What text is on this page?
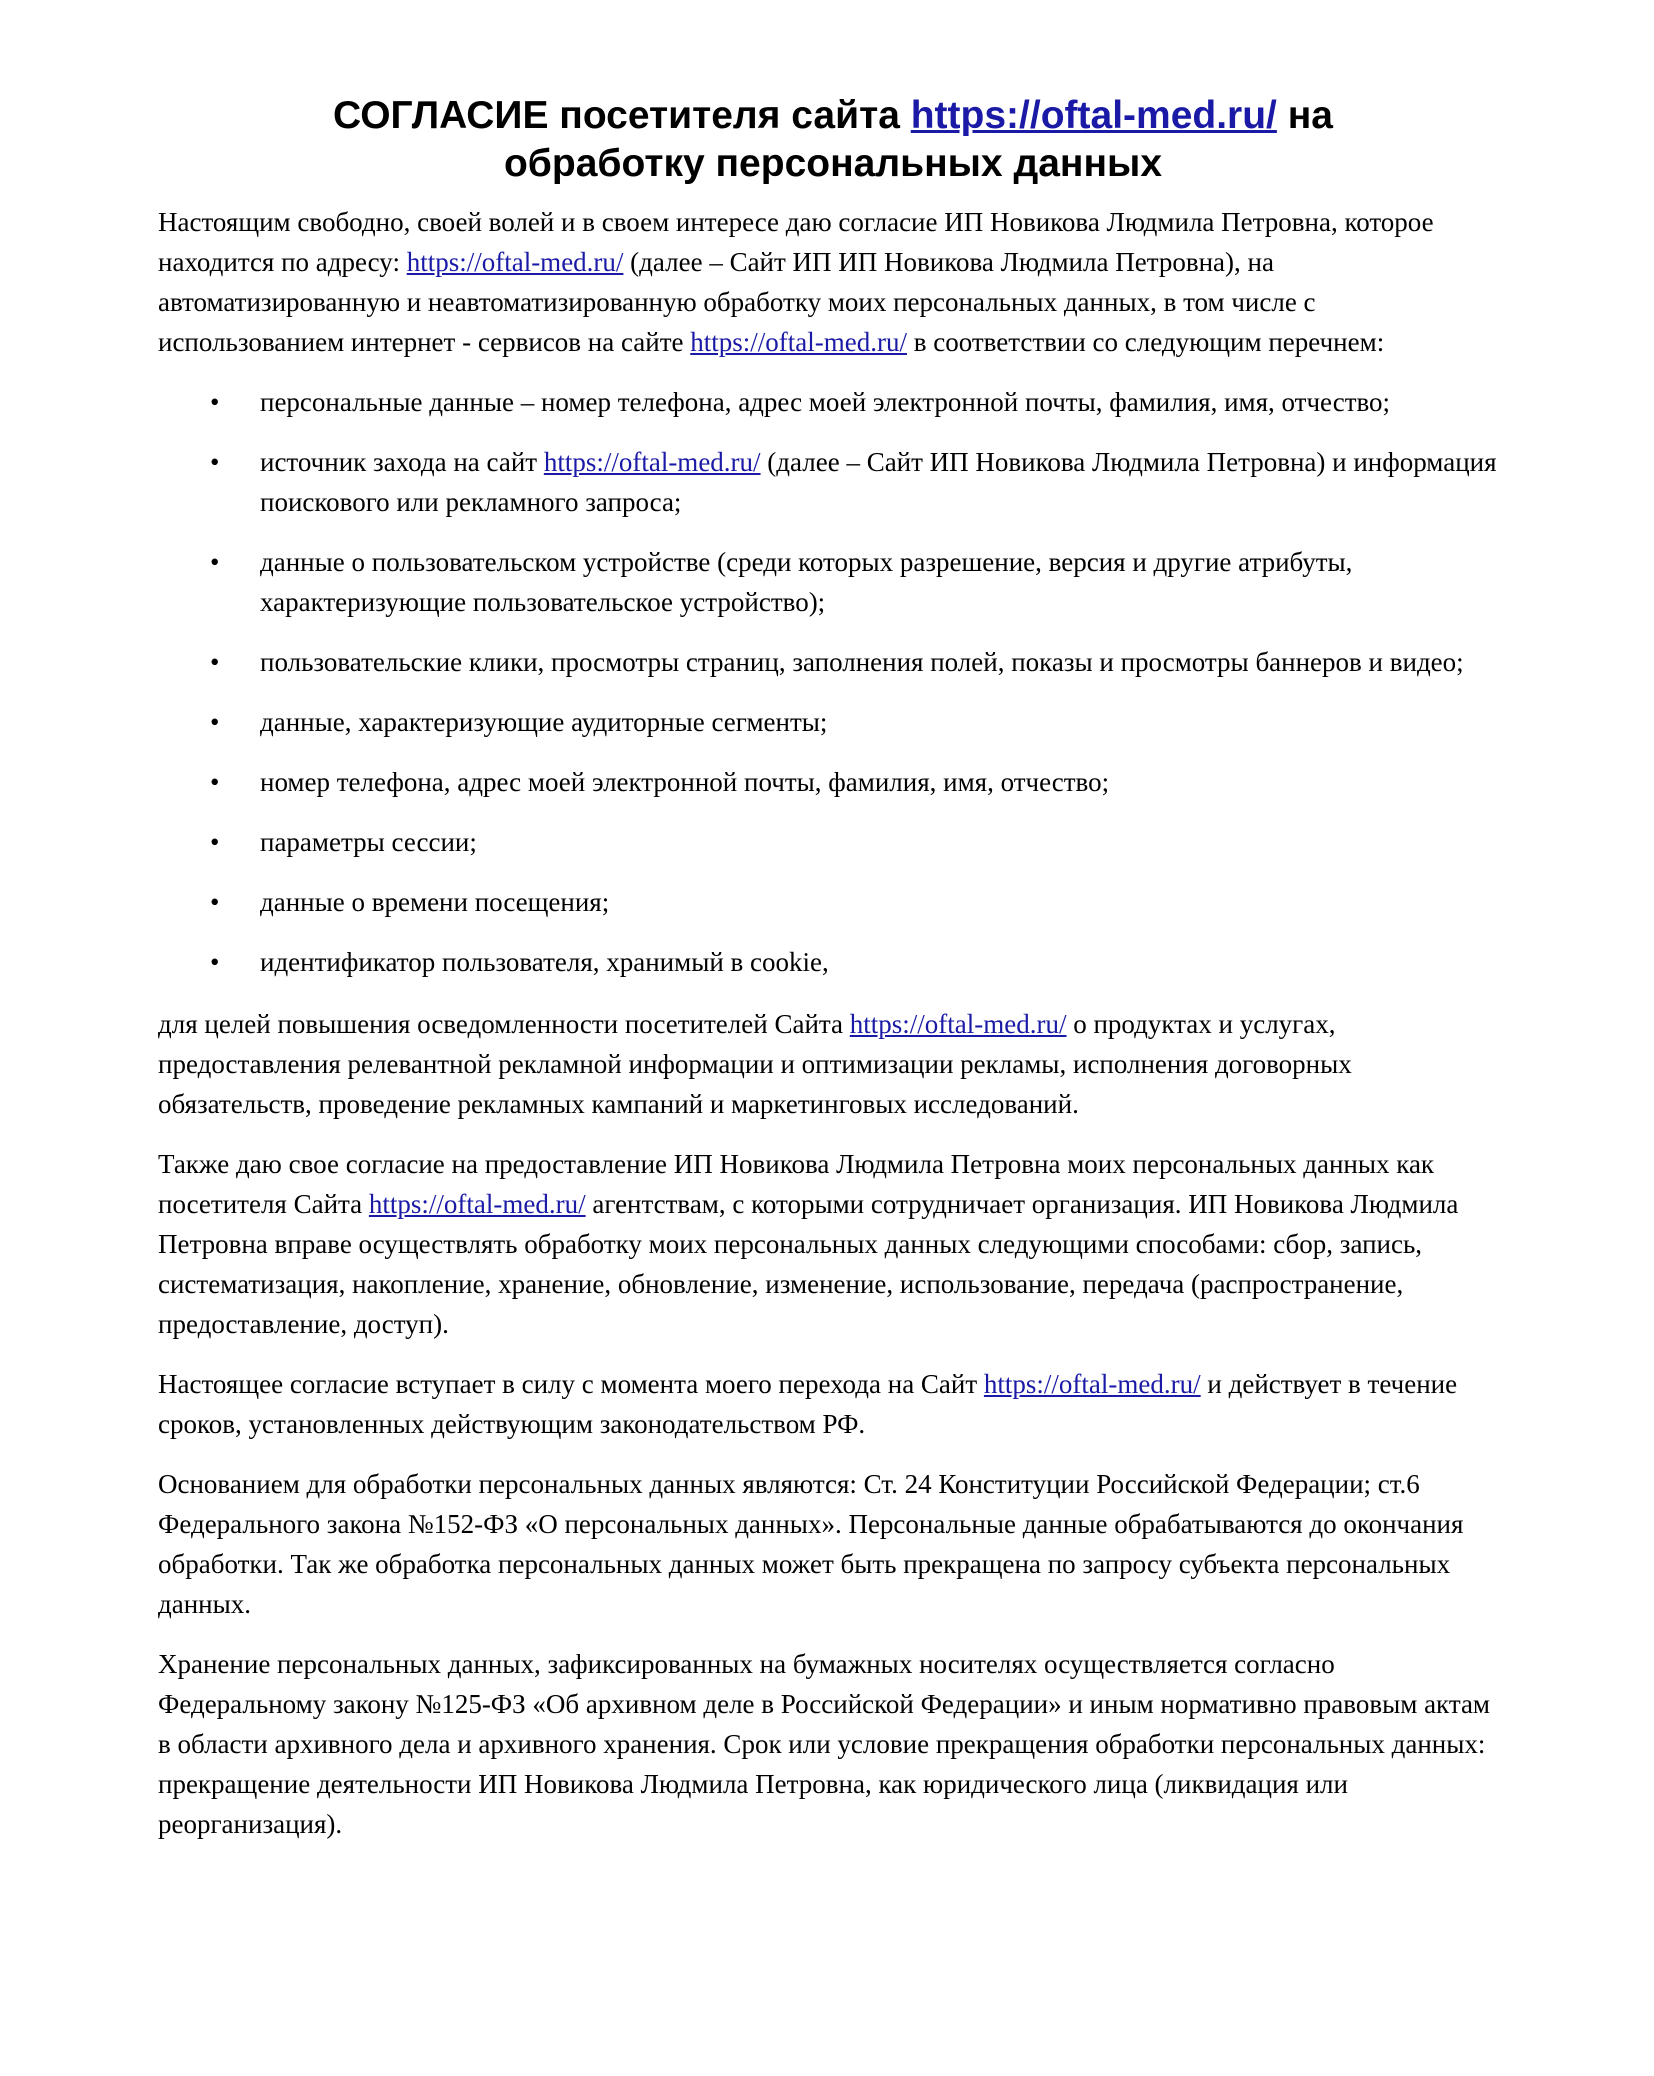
СОГЛАСИЕ посетителя сайта https://oftal-med.ru/ на
обработку персональных данных

Настоящим свободно, своей волей и в своем интересе даю согласие ИП Новикова Людмила Петровна, которое находится по адресу: https://oftal-med.ru/ (далее – Сайт ИП ИП Новикова Людмила Петровна), на автоматизированную и неавтоматизированную обработку моих персональных данных, в том числе с использованием интернет - сервисов на сайте https://oftal-med.ru/ в соответствии со следующим перечнем:

• персональные данные – номер телефона, адрес моей электронной почты, фамилия, имя, отчество;
• источник захода на сайт https://oftal-med.ru/ (далее – Сайт ИП Новикова Людмила Петровна) и информация поискового или рекламного запроса;
• данные о пользовательском устройстве (среди которых разрешение, версия и другие атрибуты, характеризующие пользовательское устройство);
• пользовательские клики, просмотры страниц, заполнения полей, показы и просмотры баннеров и видео;
• данные, характеризующие аудиторные сегменты;
• номер телефона, адрес моей электронной почты, фамилия, имя, отчество;
• параметры сессии;
• данные о времени посещения;
• идентификатор пользователя, хранимый в cookie,

для целей повышения осведомленности посетителей Сайта https://oftal-med.ru/ о продуктах и услугах, предоставления релевантной рекламной информации и оптимизации рекламы, исполнения договорных обязательств, проведение рекламных кампаний и маркетинговых исследований.

Также даю свое согласие на предоставление ИП Новикова Людмила Петровна моих персональных данных как посетителя Сайта https://oftal-med.ru/ агентствам, с которыми сотрудничает организация. ИП Новикова Людмила Петровна вправе осуществлять обработку моих персональных данных следующими способами: сбор, запись, систематизация, накопление, хранение, обновление, изменение, использование, передача (распространение, предоставление, доступ).

Настоящее согласие вступает в силу с момента моего перехода на Сайт https://oftal-med.ru/ и действует в течение сроков, установленных действующим законодательством РФ.

Основанием для обработки персональных данных являются: Ст. 24 Конституции Российской Федерации; ст.6 Федерального закона №152-ФЗ «О персональных данных». Персональные данные обрабатываются до окончания обработки. Так же обработка персональных данных может быть прекращена по запросу субъекта персональных данных.

Хранение персональных данных, зафиксированных на бумажных носителях осуществляется согласно Федеральному закону №125-ФЗ «Об архивном деле в Российской Федерации» и иным нормативно правовым актам в области архивного дела и архивного хранения. Срок или условие прекращения обработки персональных данных: прекращение деятельности ИП Новикова Людмила Петровна, как юридического лица (ликвидация или реорганизация).
